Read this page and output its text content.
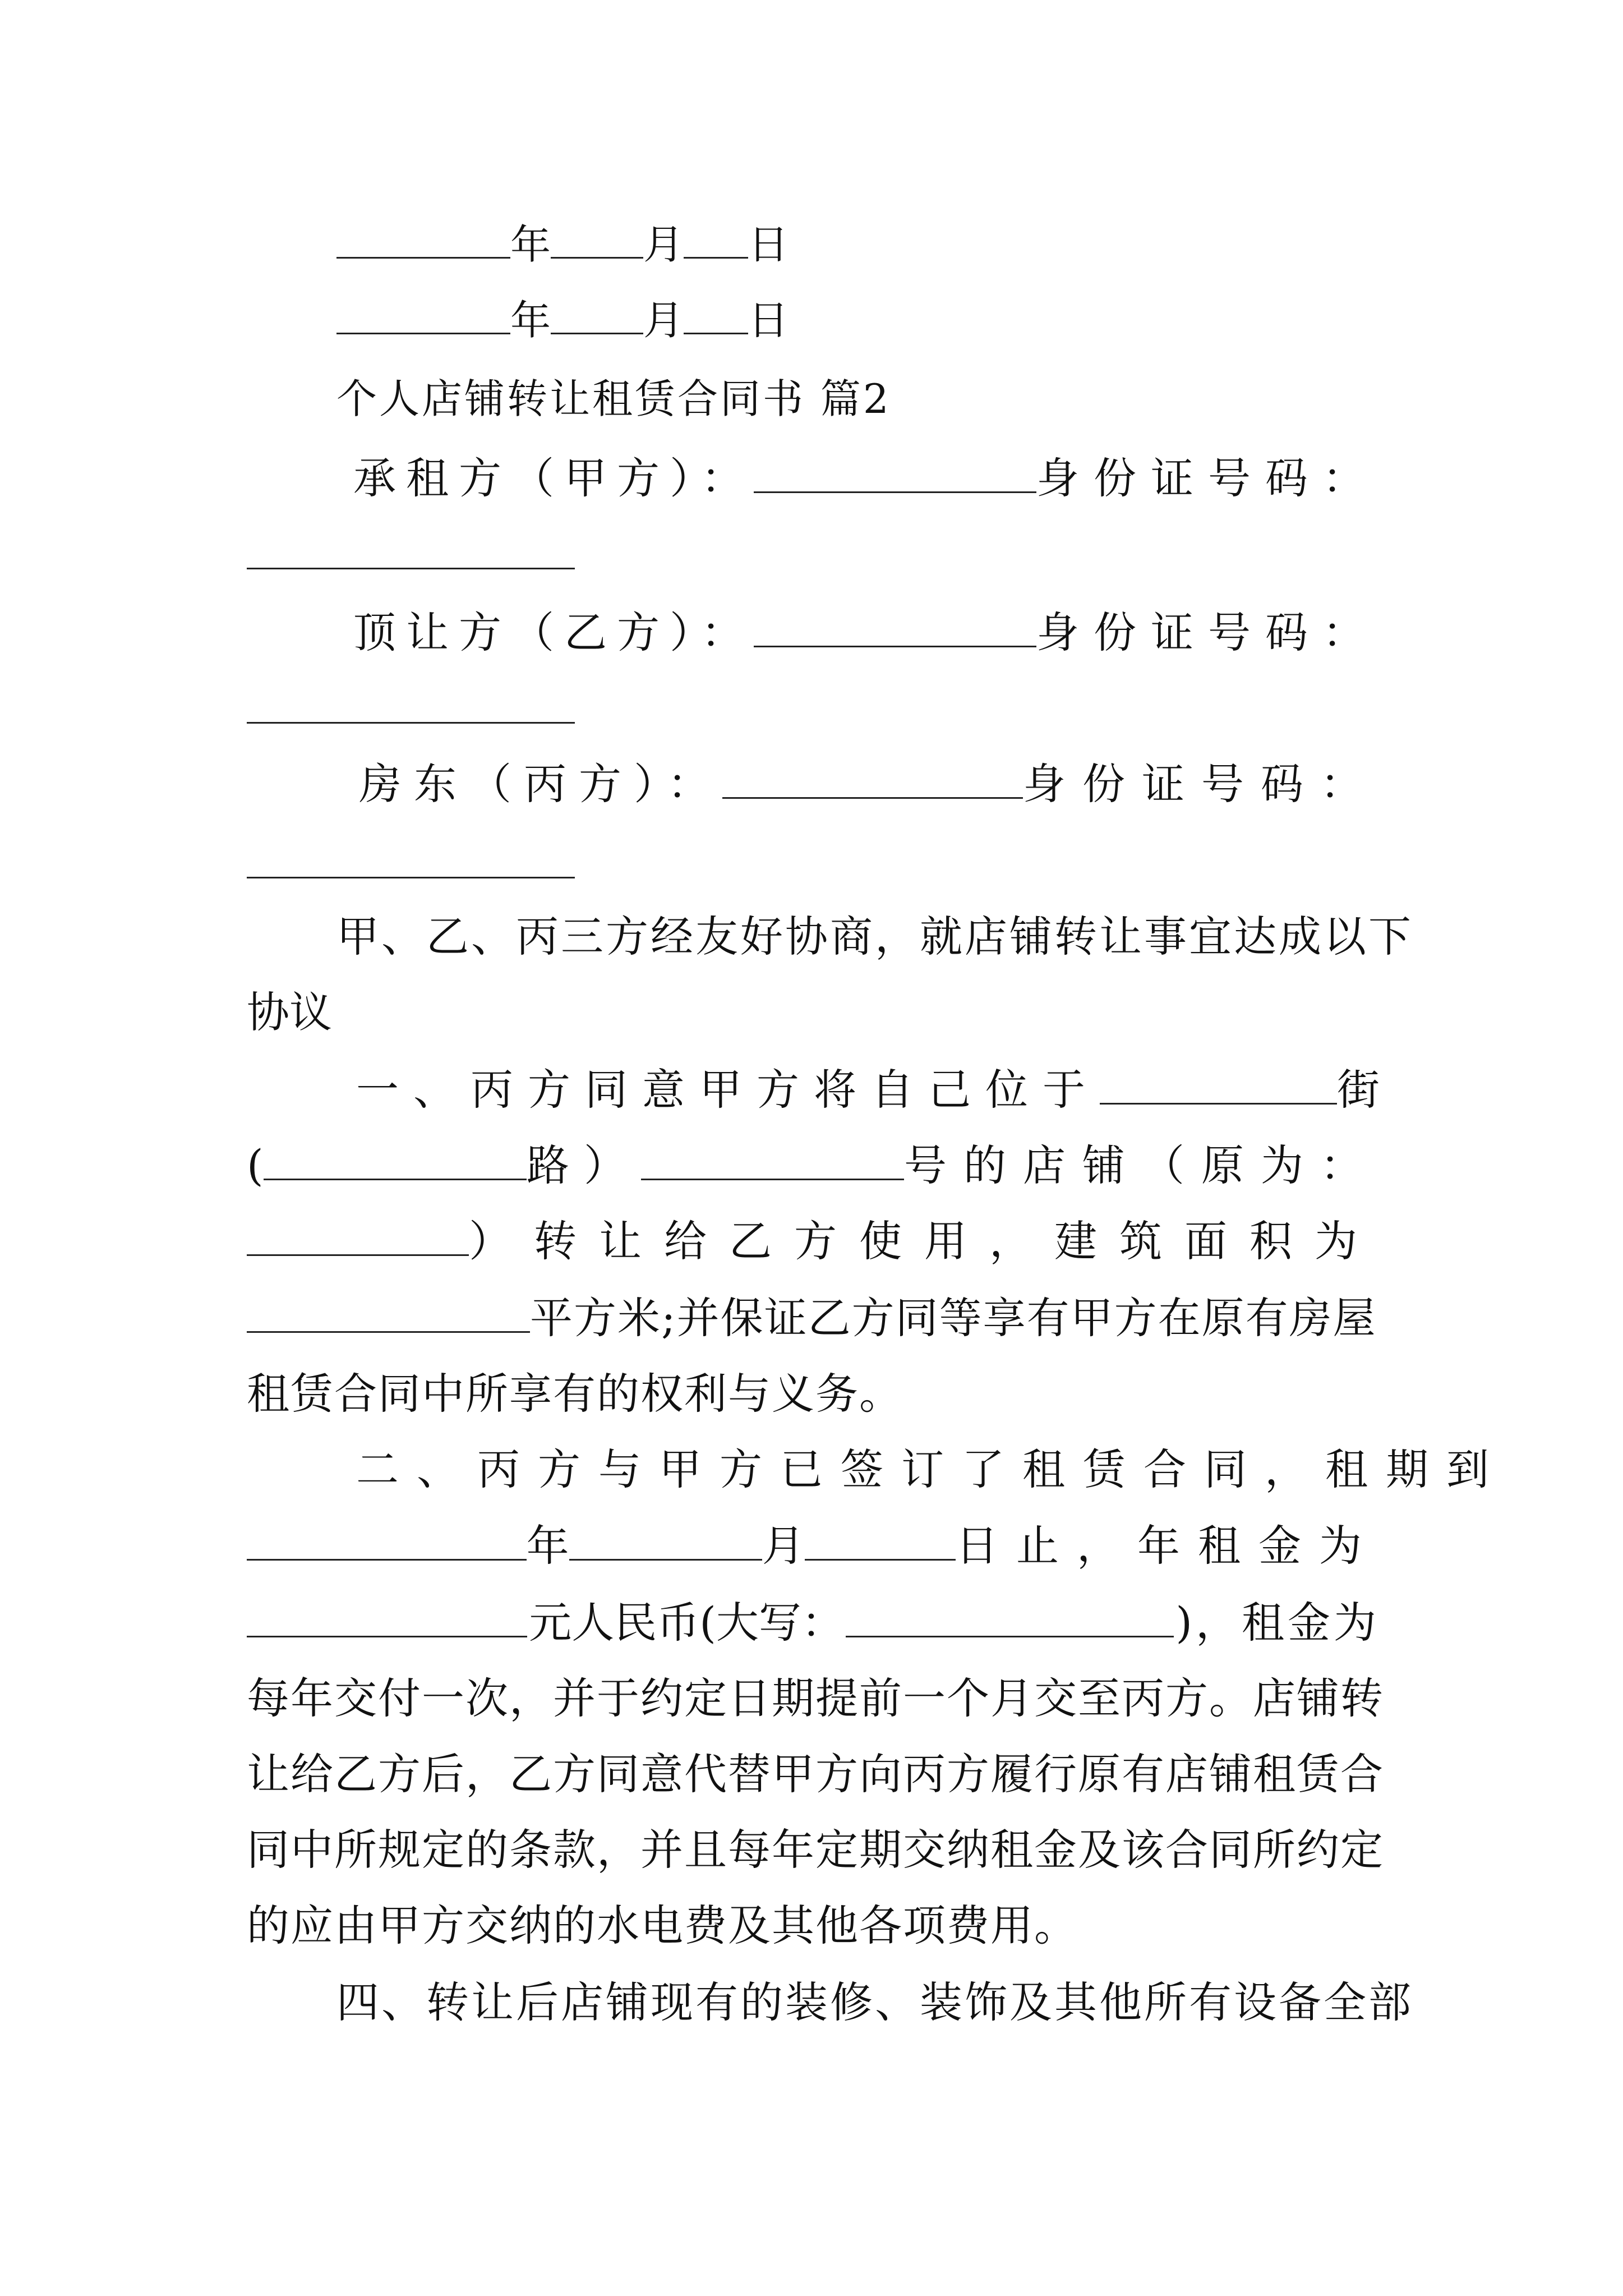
年 月 日
年 月 日
个人店铺转让租赁合同书 篇2
承租方（甲方）：	身份证号码：
顶让方（乙方）：	身份证号码：
房东（丙方）：	身份证号码：
甲、乙、丙三方经友好协商，就店铺转让事宜达成以下
协议
一、丙方同意甲方将自己位于	街
(	路）	号的店铺（原为：
）转让给乙方使用，建筑面积为
平方米;并保证乙方同等享有甲方在原有房屋
租赁合同中所享有的权利与义务。
二、丙方与甲方已签订了租赁合同，租期到
年	月	日止，年租金为
元人民币(大写：	)，租金为
每年交付一次，并于约定日期提前一个月交至丙方。店铺转
让给乙方后，乙方同意代替甲方向丙方履行原有店铺租赁合
同中所规定的条款，并且每年定期交纳租金及该合同所约定
的应由甲方交纳的水电费及其他各项费用。
四、转让后店铺现有的装修、装饰及其他所有设备全部
